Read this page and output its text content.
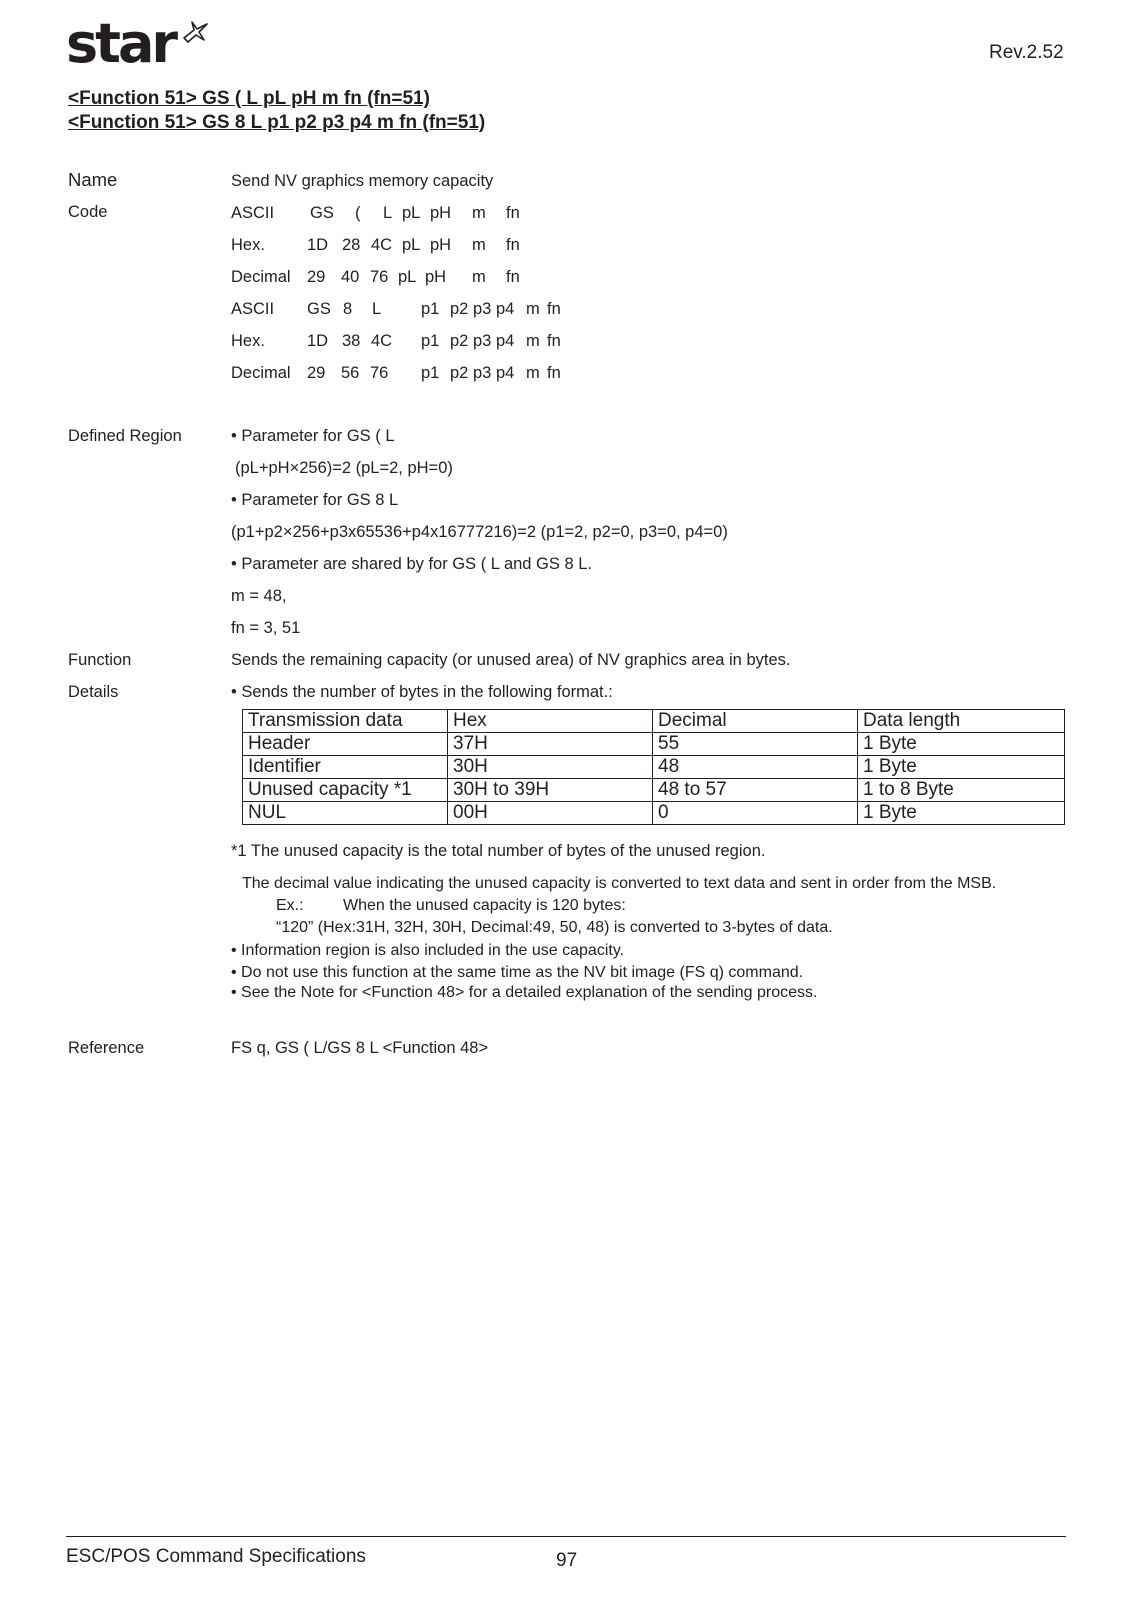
star	Rev.2.52
<Function 51> GS ( L pL pH m fn (fn=51)
<Function 51> GS 8 L p1 p2 p3 p4 m fn (fn=51)
Name	Send NV graphics memory capacity
Code	ASCII GS ( L pL pH m fn
Hex.	1D 28 4C pL pH m fn
Decimal 29 40 76 pL pH m fn
ASCII GS 8 L p1 p2 p3 p4 m fn
Hex.	1D 38 4C p1 p2 p3 p4 m fn
Decimal 29 56 76 p1 p2 p3 p4 m fn
Defined Region	• Parameter for GS ( L
(pL+pH×256)=2 (pL=2, pH=0)
• Parameter for GS 8 L
(p1+p2×256+p3x65536+p4x16777216)=2 (p1=2, p2=0, p3=0, p4=0)
• Parameter are shared by for GS ( L and GS 8 L.
m = 48,
fn = 3, 51
Function	Sends the remaining capacity (or unused area) of NV graphics area in bytes.
Details	• Sends the number of bytes in the following format.:
Transmission data	Hex	Decimal	Data length
Header	37H	55	1 Byte
Identifier	30H	48	1 Byte
Unused capacity *1	30H to 39H	48 to 57	1 to 8 Byte
NUL	00H	0	1 Byte
*1 The unused capacity is the total number of bytes of the unused region.
The decimal value indicating the unused capacity is converted to text data and sent in order from the MSB.
Ex.: When the unused capacity is 120 bytes:
“120” (Hex:31H, 32H, 30H, Decimal:49, 50, 48) is converted to 3-bytes of data.
• Information region is also included in the use capacity.
• Do not use this function at the same time as the NV bit image (FS q) command.
• See the Note for <Function 48> for a detailed explanation of the sending process.
Reference	FS q, GS ( L/GS 8 L <Function 48>
ESC/POS Command Specifications	97
